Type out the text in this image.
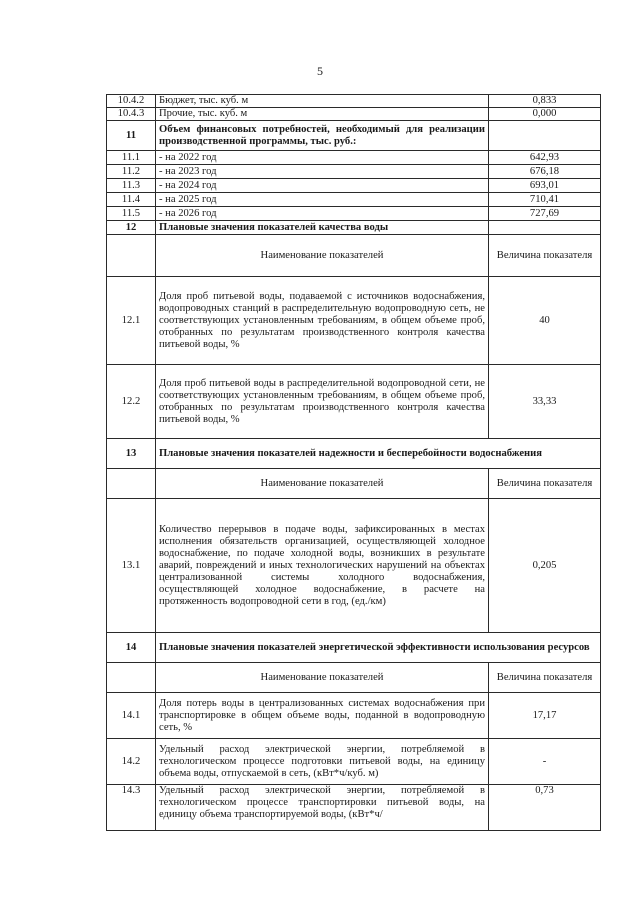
5
10.4.2	Бюджет, тыс. куб. м	0,833
10.4.3	Прочие, тыс. куб. м	0,000
11	Объем финансовых потребностей, необходимый для реализации производственной программы, тыс. руб.:	
11.1	- на 2022 год	642,93
11.2	- на 2023 год	676,18
11.3	- на 2024 год	693,01
11.4	- на 2025 год	710,41
11.5	- на 2026 год	727,69
12	Плановые значения показателей качества воды	
	Наименование показателей	Величина показателя
12.1	Доля проб питьевой воды, подаваемой с источников водоснабжения, водопроводных станций в распределительную водопроводную сеть, не соответствующих установленным требованиям, в общем объеме проб, отобранных по результатам производственного контроля качества питьевой воды, %	40
12.2	Доля проб питьевой воды в распределительной водопроводной сети, не соответствующих установленным требованиям, в общем объеме проб, отобранных по результатам производственного контроля качества питьевой воды, %	33,33
13	Плановые значения показателей надежности и бесперебойности водоснабжения	
	Наименование показателей	Величина показателя
13.1	Количество перерывов в подаче воды, зафиксированных в местах исполнения обязательств организацией, осуществляющей холодное водоснабжение, по подаче холодной воды, возникших в результате аварий, повреждений и иных технологических нарушений на объектах централизованной системы холодного водоснабжения, осуществляющей холодное водоснабжение, в расчете на протяженность водопроводной сети в год, (ед./км)	0,205
14	Плановые значения показателей энергетической эффективности использования ресурсов	
	Наименование показателей	Величина показателя
14.1	Доля потерь воды в централизованных системах водоснабжения при транспортировке в общем объеме воды, поданной в водопроводную сеть, %	17,17
14.2	Удельный расход электрической энергии, потребляемой в технологическом процессе подготовки питьевой воды, на единицу объема воды, отпускаемой в сеть, (кВт*ч/куб. м)	-
14.3	Удельный расход электрической энергии, потребляемой в технологическом процессе транспортировки питьевой воды, на единицу объема транспортируемой воды, (кВт*ч/	0,73
